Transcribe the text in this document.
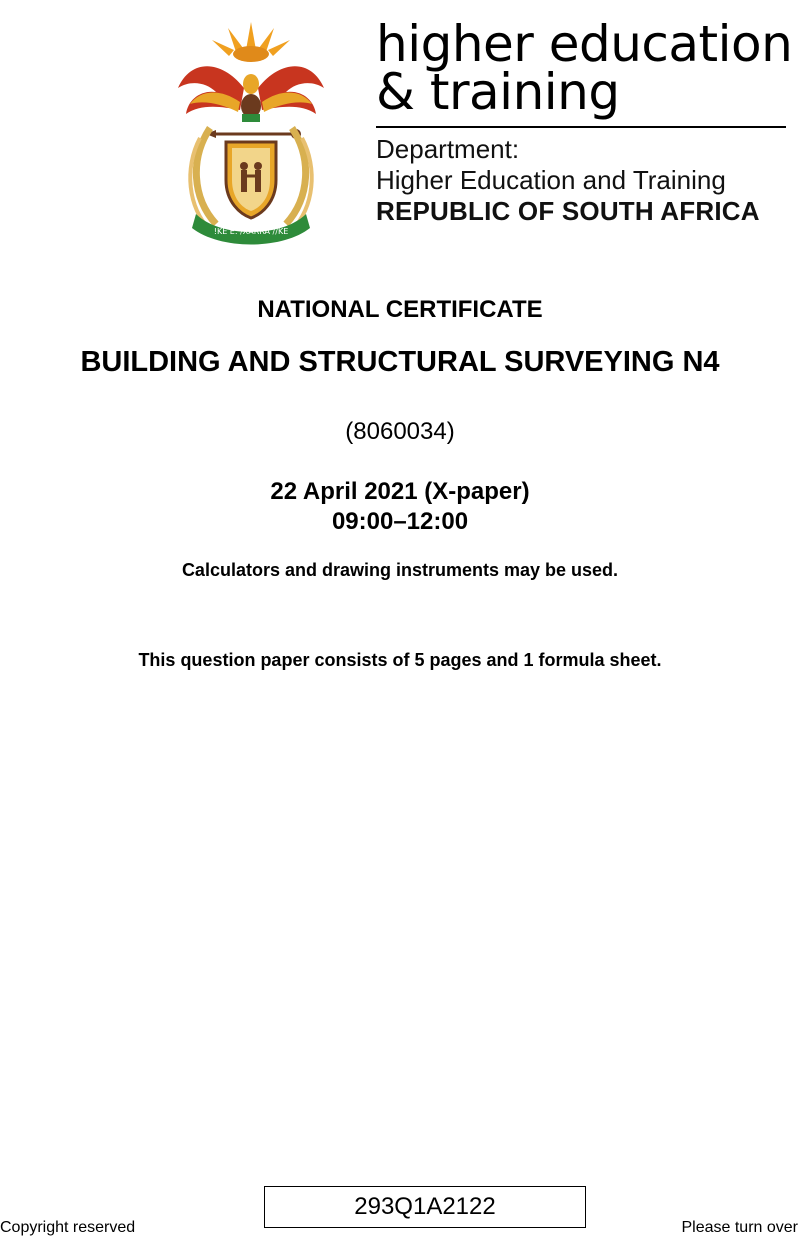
!KE E: /XARRA //KE
higher education
& training
Department:
Higher Education and Training
REPUBLIC OF SOUTH AFRICA
NATIONAL CERTIFICATE
BUILDING AND STRUCTURAL SURVEYING N4
(8060034)
22 April 2021 (X-paper)
09:00–12:00
Calculators and drawing instruments may be used.
This question paper consists of 5 pages and 1 formula sheet.
293Q1A2122
Copyright reserved	Please turn over
